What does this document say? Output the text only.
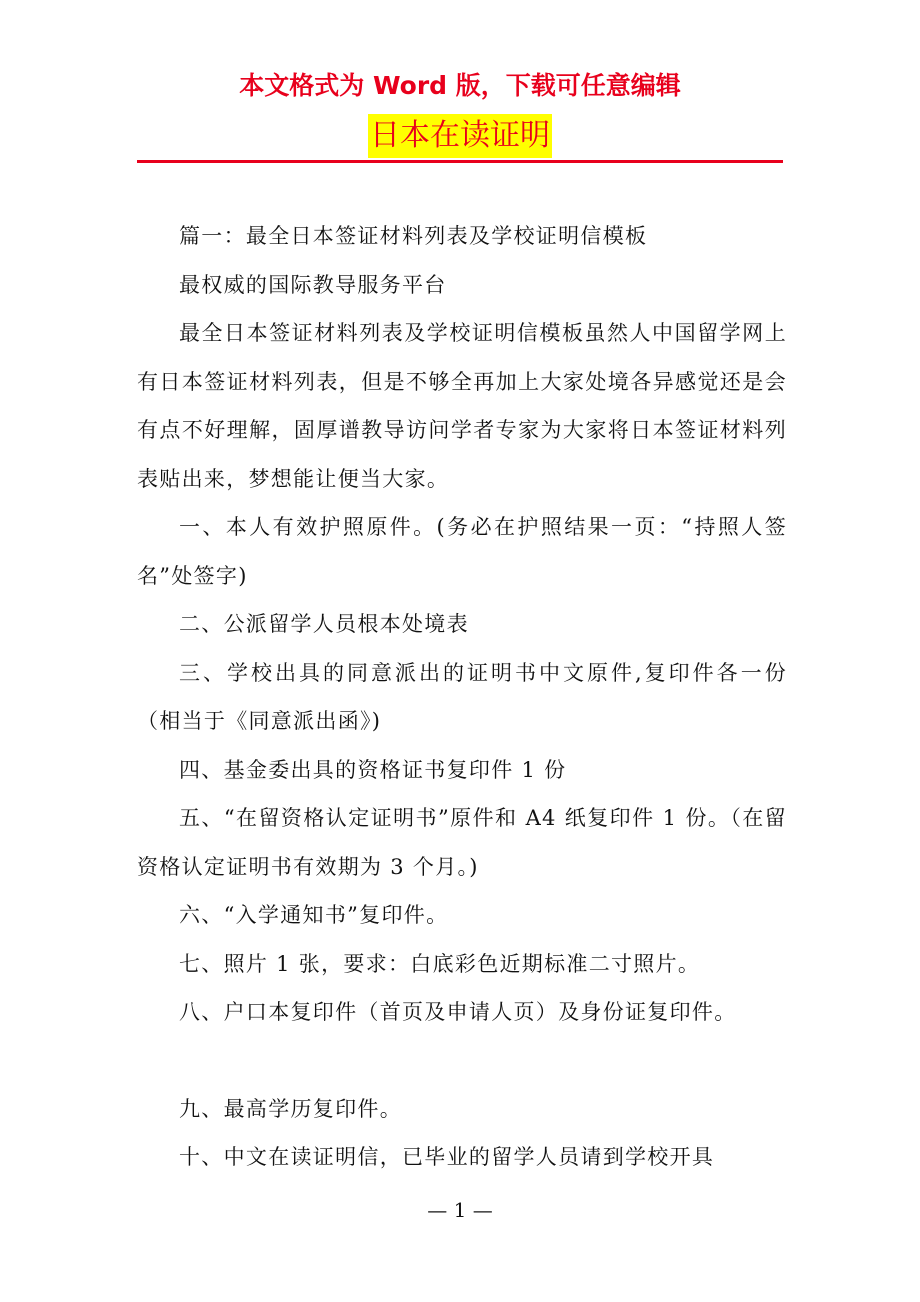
本文格式为 Word 版，下载可任意编辑
日本在读证明

篇一：最全日本签证材料列表及学校证明信模板

最权威的国际教导服务平台

最全日本签证材料列表及学校证明信模板虽然人中国留学网上有日本签证材料列表，但是不够全再加上大家处境各异感觉还是会有点不好理解，固厚谱教导访问学者专家为大家将日本签证材料列表贴出来，梦想能让便当大家。

一、本人有效护照原件。(务必在护照结果一页：“持照人签名”处签字)

二、公派留学人员根本处境表

三、学校出具的同意派出的证明书中文原件,复印件各一份（相当于《同意派出函》)

四、基金委出具的资格证书复印件 1 份

五、“在留资格认定证明书”原件和 A4 纸复印件 1 份。（在留资格认定证明书有效期为 3 个月。)

六、“入学通知书”复印件。

七、照片 1 张，要求：白底彩色近期标准二寸照片。

八、户口本复印件（首页及申请人页）及身份证复印件。

九、最高学历复印件。

十、中文在读证明信，已毕业的留学人员请到学校开具

— 1 —
